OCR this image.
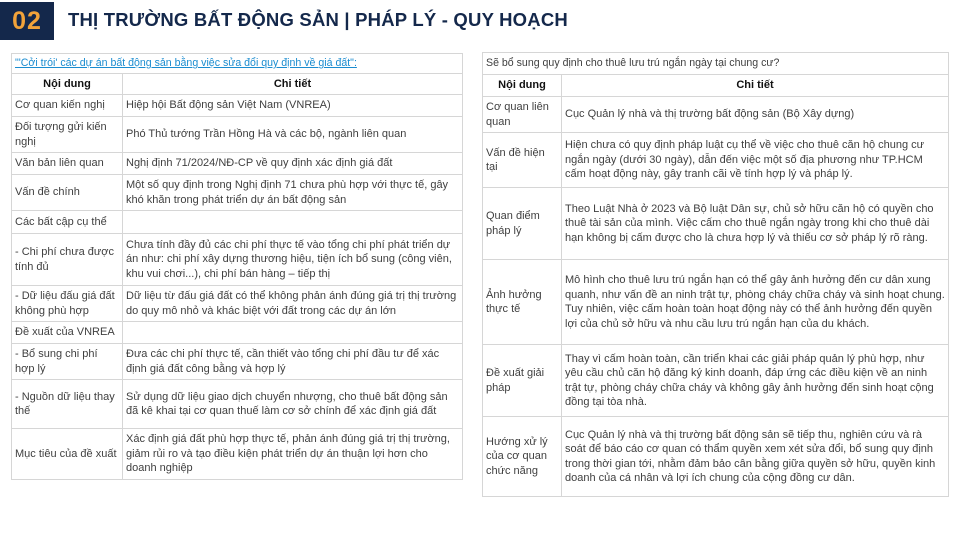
02	THỊ TRƯỜNG BẤT ĐỘNG SẢN | PHÁP LÝ - QUY HOẠCH
"'Cởi trói' các dự án bất động sản bằng việc sửa đổi quy định về giá đất":	
Nội dung	Chi tiết
Cơ quan kiến nghị	Hiệp hội Bất động sản Việt Nam (VNREA)
Đối tượng gửi kiến nghị	Phó Thủ tướng Trần Hồng Hà và các bộ, ngành liên quan
Văn bản liên quan	Nghị định 71/2024/NĐ-CP về quy định xác định giá đất
Vấn đề chính	Một số quy định trong Nghị định 71 chưa phù hợp với thực tế, gây khó khăn trong phát triển dự án bất động sản
Các bất cập cụ thể	
- Chi phí chưa được tính đủ	Chưa tính đầy đủ các chi phí thực tế vào tổng chi phí phát triển dự án như: chi phí xây dựng thương hiệu, tiện ích bổ sung (công viên, khu vui chơi...), chi phí bán hàng – tiếp thị
- Dữ liệu đấu giá đất không phù hợp	Dữ liệu từ đấu giá đất có thể không phản ánh đúng giá trị thị trường do quy mô nhỏ và khác biệt với đất trong các dự án lớn
Đề xuất của VNREA	
- Bổ sung chi phí hợp lý	Đưa các chi phí thực tế, cần thiết vào tổng chi phí đầu tư để xác định giá đất công bằng và hợp lý
- Nguồn dữ liệu thay thế	Sử dụng dữ liệu giao dịch chuyển nhượng, cho thuê bất động sản đã kê khai tại cơ quan thuế làm cơ sở chính để xác định giá đất
Mục tiêu của đề xuất	Xác định giá đất phù hợp thực tế, phản ánh đúng giá trị thị trường, giảm rủi ro và tạo điều kiện phát triển dự án thuận lợi hơn cho doanh nghiệp
Sẽ bổ sung quy định cho thuê lưu trú ngắn ngày tại chung cư?	
Nội dung	Chi tiết
Cơ quan liên quan	Cục Quản lý nhà và thị trường bất động sản (Bộ Xây dựng)
Vấn đề hiện tại	Hiện chưa có quy định pháp luật cụ thể về việc cho thuê căn hộ chung cư ngắn ngày (dưới 30 ngày), dẫn đến việc một số địa phương như TP.HCM cấm hoạt động này, gây tranh cãi về tính hợp lý và pháp lý.
Quan điểm pháp lý	Theo Luật Nhà ở 2023 và Bộ luật Dân sự, chủ sở hữu căn hộ có quyền cho thuê tài sản của mình. Việc cấm cho thuê ngắn ngày trong khi cho thuê dài hạn không bị cấm được cho là chưa hợp lý và thiếu cơ sở pháp lý rõ ràng.
Ảnh hưởng thực tế	Mô hình cho thuê lưu trú ngắn hạn có thể gây ảnh hưởng đến cư dân xung quanh, như vấn đề an ninh trật tự, phòng cháy chữa cháy và sinh hoạt chung. Tuy nhiên, việc cấm hoàn toàn hoạt động này có thể ảnh hưởng đến quyền lợi của chủ sở hữu và nhu cầu lưu trú ngắn hạn của du khách.
Đề xuất giải pháp	Thay vì cấm hoàn toàn, cần triển khai các giải pháp quản lý phù hợp, như yêu cầu chủ căn hộ đăng ký kinh doanh, đáp ứng các điều kiện về an ninh trật tự, phòng cháy chữa cháy và không gây ảnh hưởng đến sinh hoạt cộng đồng tại tòa nhà.
Hướng xử lý của cơ quan chức năng	Cục Quản lý nhà và thị trường bất động sản sẽ tiếp thu, nghiên cứu và rà soát để báo cáo cơ quan có thẩm quyền xem xét sửa đổi, bổ sung quy định trong thời gian tới, nhằm đảm bảo cân bằng giữa quyền sở hữu, quyền kinh doanh của cá nhân và lợi ích chung của cộng đồng cư dân.
